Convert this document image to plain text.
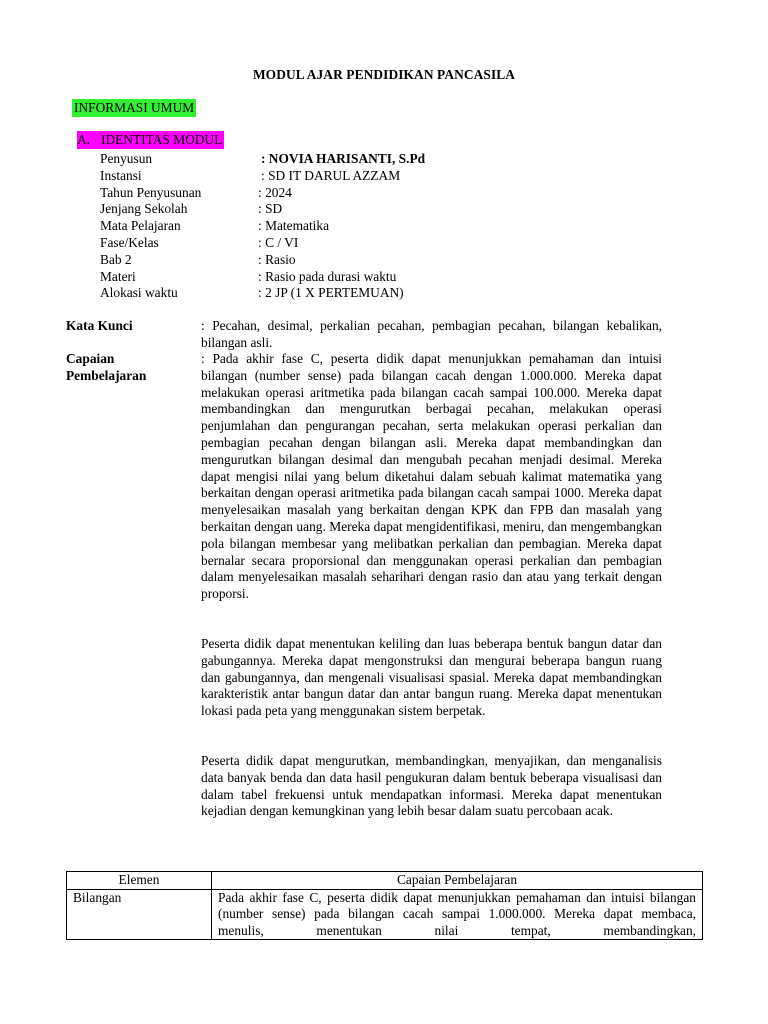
MODUL AJAR PENDIDIKAN PANCASILA
INFORMASI UMUM
A. IDENTITAS MODUL
Penyusun	: NOVIA HARISANTI, S.Pd
Instansi	: SD IT DARUL AZZAM
Tahun Penyusunan	: 2024
Jenjang Sekolah	: SD
Mata Pelajaran	: Matematika
Fase/Kelas	: C / VI
Bab 2	: Rasio
Materi	: Rasio pada durasi waktu
Alokasi waktu	: 2 JP (1 X PERTEMUAN)
Kata Kunci	: Pecahan, desimal, perkalian pecahan, pembagian pecahan, bilangan kebalikan, bilangan asli.
Capaian
Pembelajaran
: Pada akhir fase C, peserta didik dapat menunjukkan pemahaman dan intuisi bilangan (number sense) pada bilangan cacah dengan 1.000.000. Mereka dapat melakukan operasi aritmetika pada bilangan cacah sampai 100.000. Mereka dapat membandingkan dan mengurutkan berbagai pecahan, melakukan operasi penjumlahan dan pengurangan pecahan, serta melakukan operasi perkalian dan pembagian pecahan dengan bilangan asli. Mereka dapat membandingkan dan mengurutkan bilangan desimal dan mengubah pecahan menjadi desimal. Mereka dapat mengisi nilai yang belum diketahui dalam sebuah kalimat matematika yang berkaitan dengan operasi aritmetika pada bilangan cacah sampai 1000. Mereka dapat menyelesaikan masalah yang berkaitan dengan KPK dan FPB dan masalah yang berkaitan dengan uang. Mereka dapat mengidentifikasi, meniru, dan mengembangkan pola bilangan membesar yang melibatkan perkalian dan pembagian. Mereka dapat bernalar secara proporsional dan menggunakan operasi perkalian dan pembagian dalam menyelesaikan masalah seharihari dengan rasio dan atau yang terkait dengan proporsi.
Peserta didik dapat menentukan keliling dan luas beberapa bentuk bangun datar dan gabungannya. Mereka dapat mengonstruksi dan mengurai beberapa bangun ruang dan gabungannya, dan mengenali visualisasi spasial. Mereka dapat membandingkan karakteristik antar bangun datar dan antar bangun ruang. Mereka dapat menentukan lokasi pada peta yang menggunakan sistem berpetak.
Peserta didik dapat mengurutkan, membandingkan, menyajikan, dan menganalisis data banyak benda dan data hasil pengukuran dalam bentuk beberapa visualisasi dan dalam tabel frekuensi untuk mendapatkan informasi. Mereka dapat menentukan kejadian dengan kemungkinan yang lebih besar dalam suatu percobaan acak.
Elemen	Capaian Pembelajaran
Bilangan	Pada akhir fase C, peserta didik dapat menunjukkan pemahaman dan intuisi bilangan (number sense) pada bilangan cacah sampai 1.000.000. Mereka dapat membaca, menulis, menentukan nilai tempat, membandingkan,
